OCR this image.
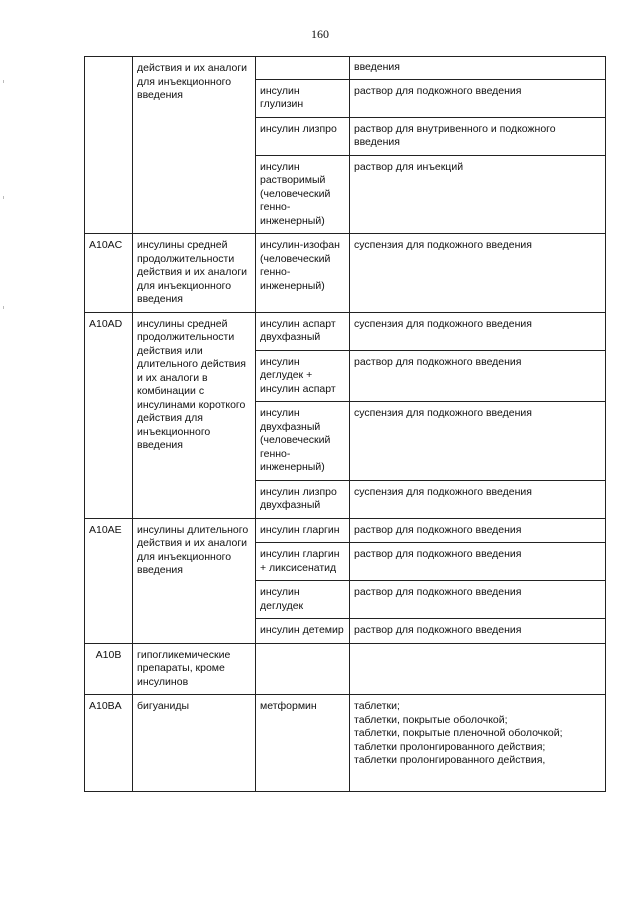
160
	действия и их аналоги для инъекционного введения		введения
		инсулин глулизин	раствор для подкожного введения
		инсулин лизпро	раствор для внутривенного и подкожного введения
		инсулин растворимый (человеческий генно-инженерный)	раствор для инъекций
A10AC	инсулины средней продолжительности действия и их аналоги для инъекционного введения	инсулин-изофан (человеческий генно-инженерный)	суспензия для подкожного введения
A10AD	инсулины средней продолжительности действия или длительного действия и их аналоги в комбинации с инсулинами короткого действия для инъекционного введения	инсулин аспарт двухфазный	суспензия для подкожного введения
		инсулин деглудек + инсулин аспарт	раствор для подкожного введения
		инсулин двухфазный (человеческий генно-инженерный)	суспензия для подкожного введения
		инсулин лизпро двухфазный	суспензия для подкожного введения
A10AE	инсулины длительного действия и их аналоги для инъекционного введения	инсулин гларгин	раствор для подкожного введения
		инсулин гларгин + ликсисенатид	раствор для подкожного введения
		инсулин деглудек	раствор для подкожного введения
		инсулин детемир	раствор для подкожного введения
A10B	гипогликемические препараты, кроме инсулинов		
A10BA	бигуаниды	метформин	таблетки;
таблетки, покрытые оболочкой;
таблетки, покрытые пленочной оболочкой;
таблетки пролонгированного действия;
таблетки пролонгированного действия,
